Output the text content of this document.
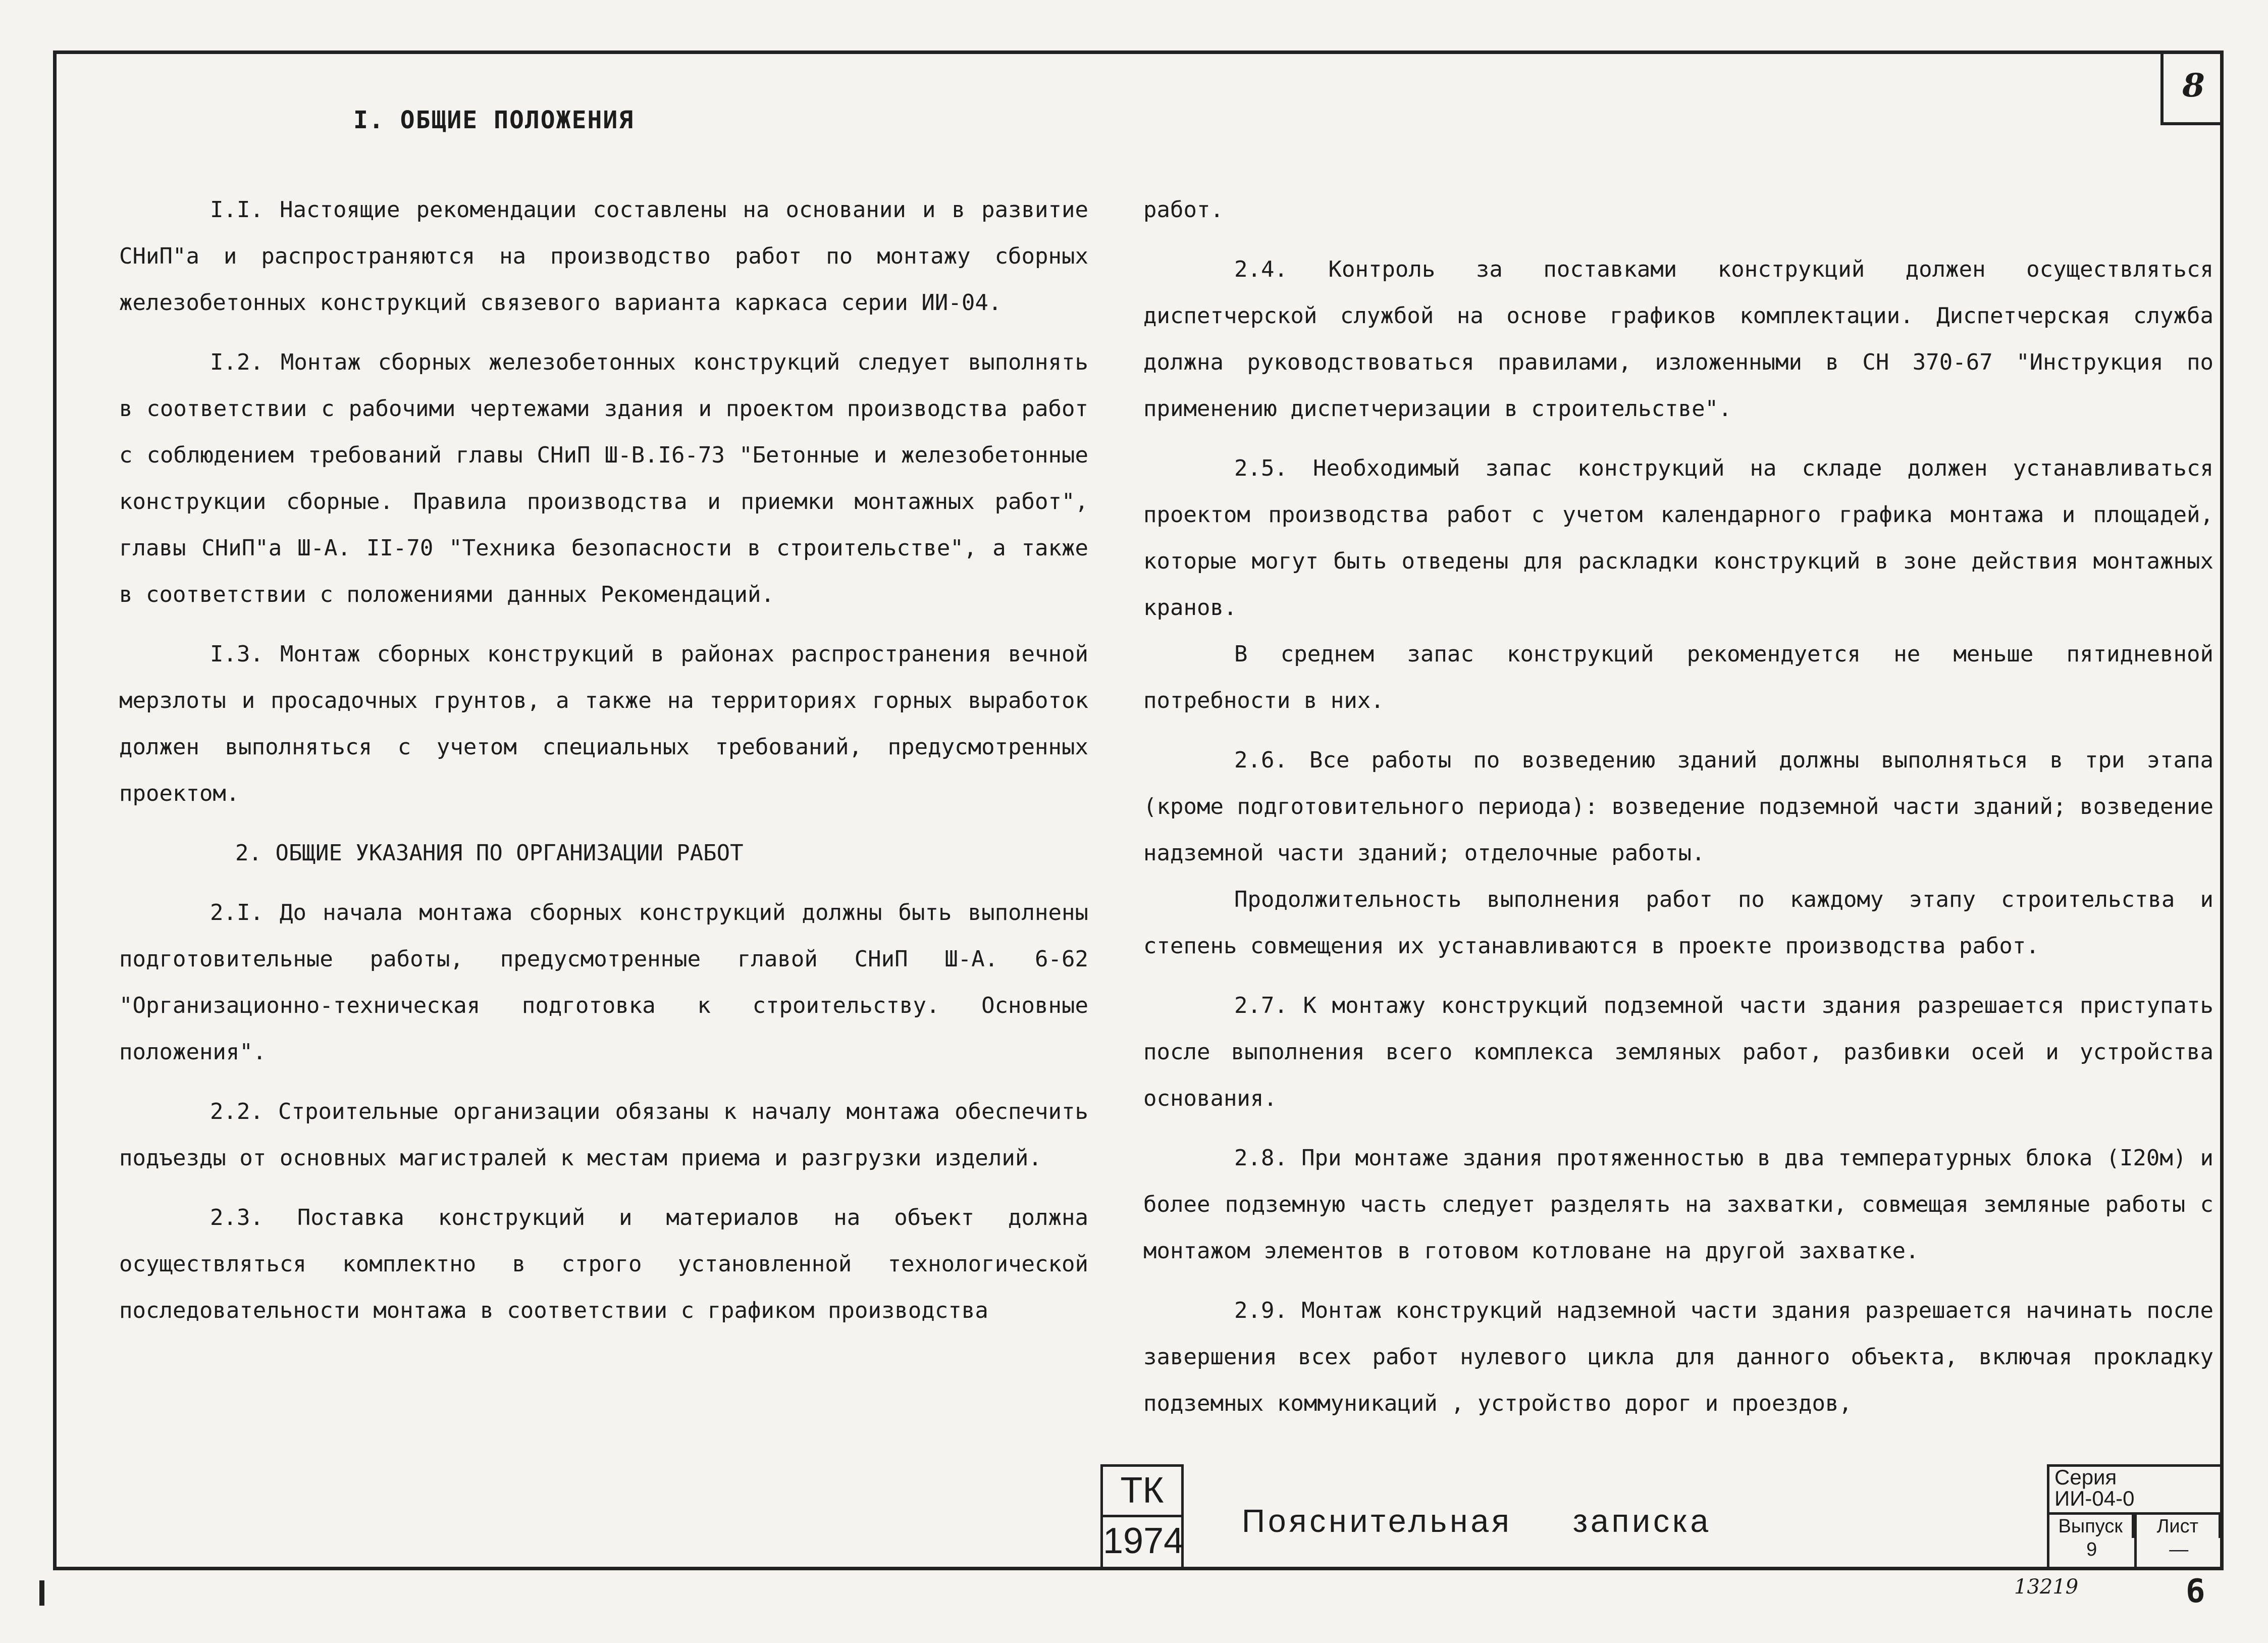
8
I. ОБЩИЕ ПОЛОЖЕНИЯ

I.I. Настоящие рекомендации составлены на основании и в развитие СНиП"а и распространяются на производство работ по монтажу сборных железобетонных конструкций связевого варианта каркаса серии ИИ-04.

I.2. Монтаж сборных железобетонных конструкций следует выполнять в соответствии с рабочими чертежами здания и проектом производства работ с соблюдением требований главы СНиП Ш-В.I6-73 "Бетонные и железобетонные конструкции сборные. Правила производства и приемки монтажных работ", главы СНиП"а Ш-А. II-70 "Техника безопасности в строительстве", а также в соответствии с положениями данных Рекомендаций.

I.3. Монтаж сборных конструкций в районах распространения вечной мерзлоты и просадочных грунтов, а также на территориях горных выработок должен выполняться с учетом специальных требований, предусмотренных проектом.

2. ОБЩИЕ УКАЗАНИЯ ПО ОРГАНИЗАЦИИ РАБОТ

2.I. До начала монтажа сборных конструкций должны быть выполнены подготовительные работы, предусмотренные главой СНиП Ш-А. 6-62 "Организационно-техническая подготовка к строительству. Основные положения".

2.2. Строительные организации обязаны к началу монтажа обеспечить подъезды от основных магистралей к местам приема и разгрузки изделий.

2.3. Поставка конструкций и материалов на объект должна осуществляться комплектно в строго установленной технологической последовательности монтажа в соответствии с графиком производства

работ.

2.4. Контроль за поставками конструкций должен осуществляться диспетчерской службой на основе графиков комплектации. Диспетчерская служба должна руководствоваться правилами, изложенными в СН 370-67 "Инструкция по применению диспетчеризации в строительстве".

2.5. Необходимый запас конструкций на складе должен устанавливаться проектом производства работ с учетом календарного графика монтажа и площадей, которые могут быть отведены для раскладки конструкций в зоне действия монтажных кранов.

В среднем запас конструкций рекомендуется не меньше пятидневной потребности в них.

2.6. Все работы по возведению зданий должны выполняться в три этапа (кроме подготовительного периода): возведение подземной части зданий; возведение надземной части зданий; отделочные работы.

Продолжительность выполнения работ по каждому этапу строительства и степень совмещения их устанавливаются в проекте производства работ.

2.7. К монтажу конструкций подземной части здания разрешается приступать после выполнения всего комплекса земляных работ, разбивки осей и устройства основания.

2.8. При монтаже здания протяженностью в два температурных блока (I20м) и более подземную часть следует разделять на захватки, совмещая земляные работы с монтажом элементов в готовом котловане на другой захватке.

2.9. Монтаж конструкций надземной части здания разрешается начинать после завершения всех работ нулевого цикла для данного объекта, включая прокладку подземных коммуникаций , устройство дорог и проездов,

ТК
1974 Пояснительная записка
Серия
ИИ-04-0
Выпуск
9
Лист
—
13219	6
